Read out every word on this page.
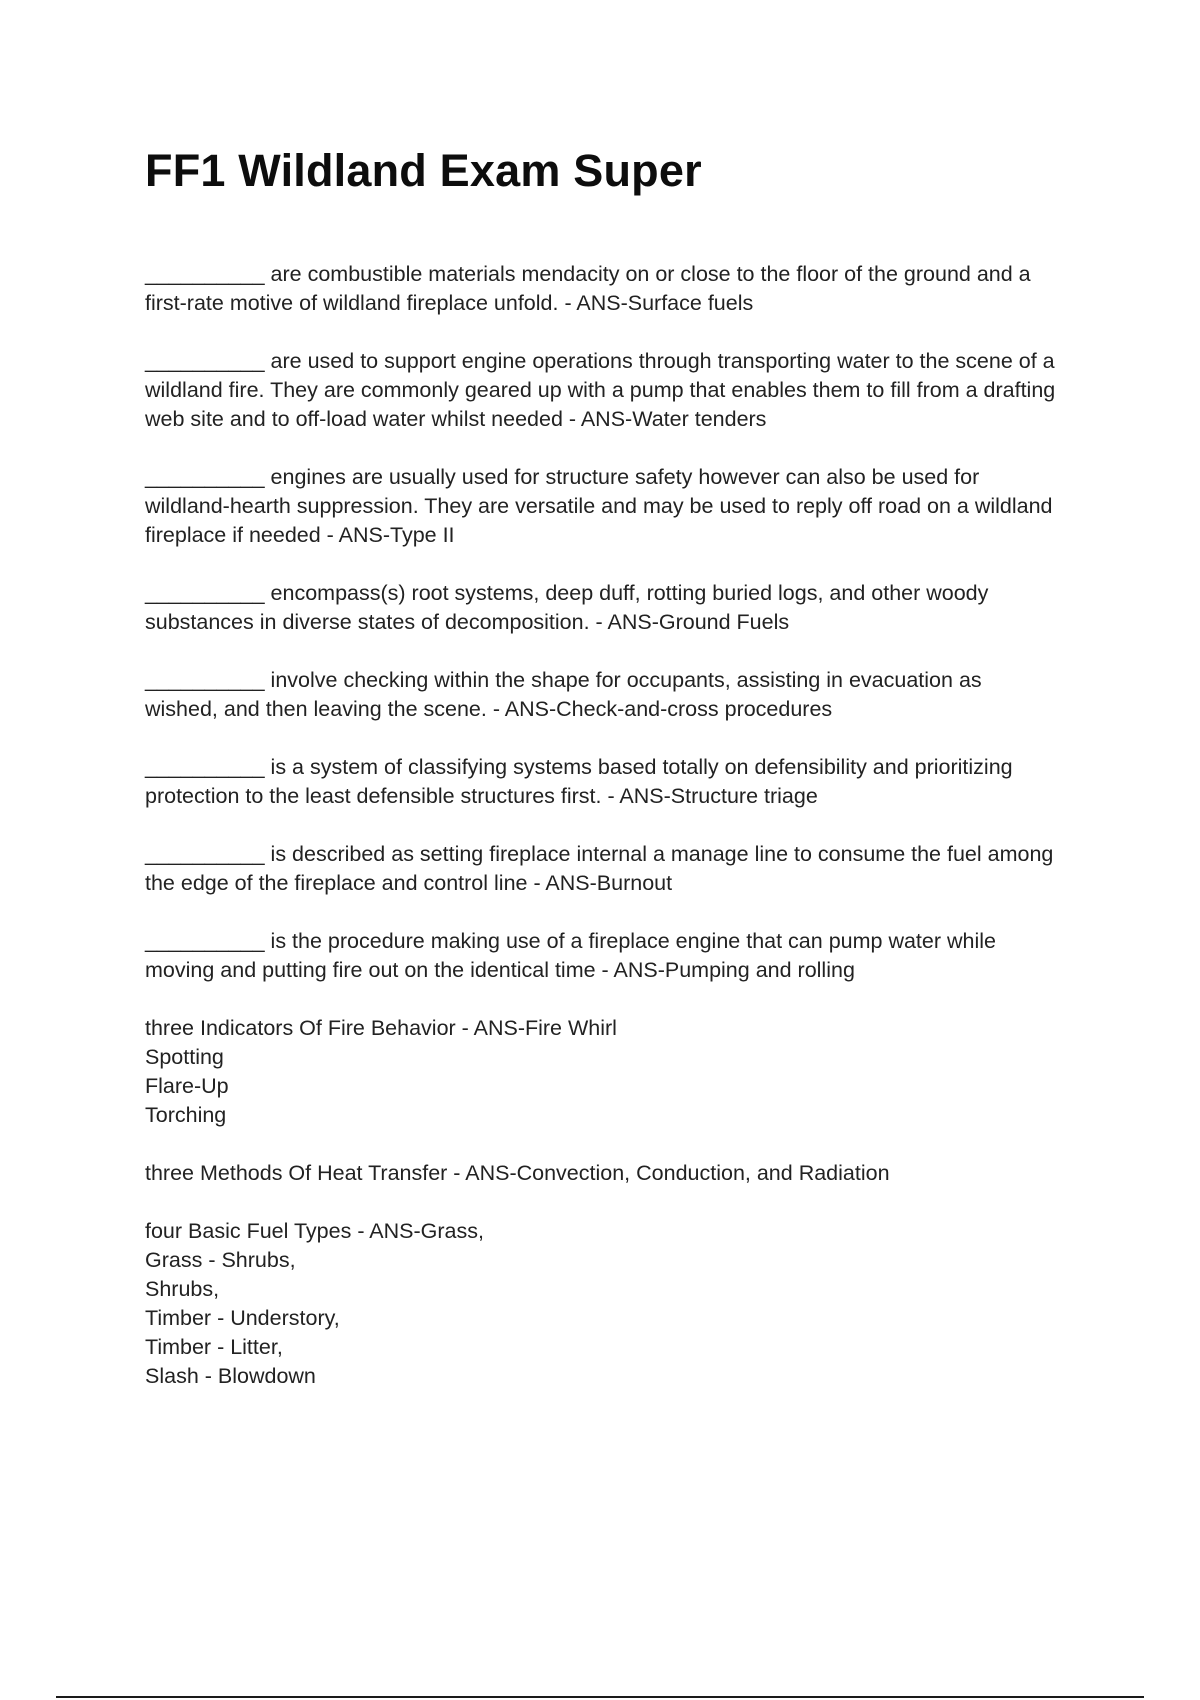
FF1 Wildland Exam Super

__________ are combustible materials mendacity on or close to the floor of the ground and a
first-rate motive of wildland fireplace unfold. - ANS-Surface fuels

__________ are used to support engine operations through transporting water to the scene of a
wildland fire. They are commonly geared up with a pump that enables them to fill from a drafting
web site and to off-load water whilst needed - ANS-Water tenders

__________ engines are usually used for structure safety however can also be used for
wildland-hearth suppression. They are versatile and may be used to reply off road on a wildland
fireplace if needed - ANS-Type II

__________ encompass(s) root systems, deep duff, rotting buried logs, and other woody
substances in diverse states of decomposition. - ANS-Ground Fuels

__________ involve checking within the shape for occupants, assisting in evacuation as
wished, and then leaving the scene. - ANS-Check-and-cross procedures

__________ is a system of classifying systems based totally on defensibility and prioritizing
protection to the least defensible structures first. - ANS-Structure triage

__________ is described as setting fireplace internal a manage line to consume the fuel among
the edge of the fireplace and control line - ANS-Burnout

__________ is the procedure making use of a fireplace engine that can pump water while
moving and putting fire out on the identical time - ANS-Pumping and rolling

three Indicators Of Fire Behavior - ANS-Fire Whirl
Spotting
Flare-Up
Torching

three Methods Of Heat Transfer - ANS-Convection, Conduction, and Radiation

four Basic Fuel Types - ANS-Grass,
Grass - Shrubs,
Shrubs,
Timber - Understory,
Timber - Litter,
Slash - Blowdown
